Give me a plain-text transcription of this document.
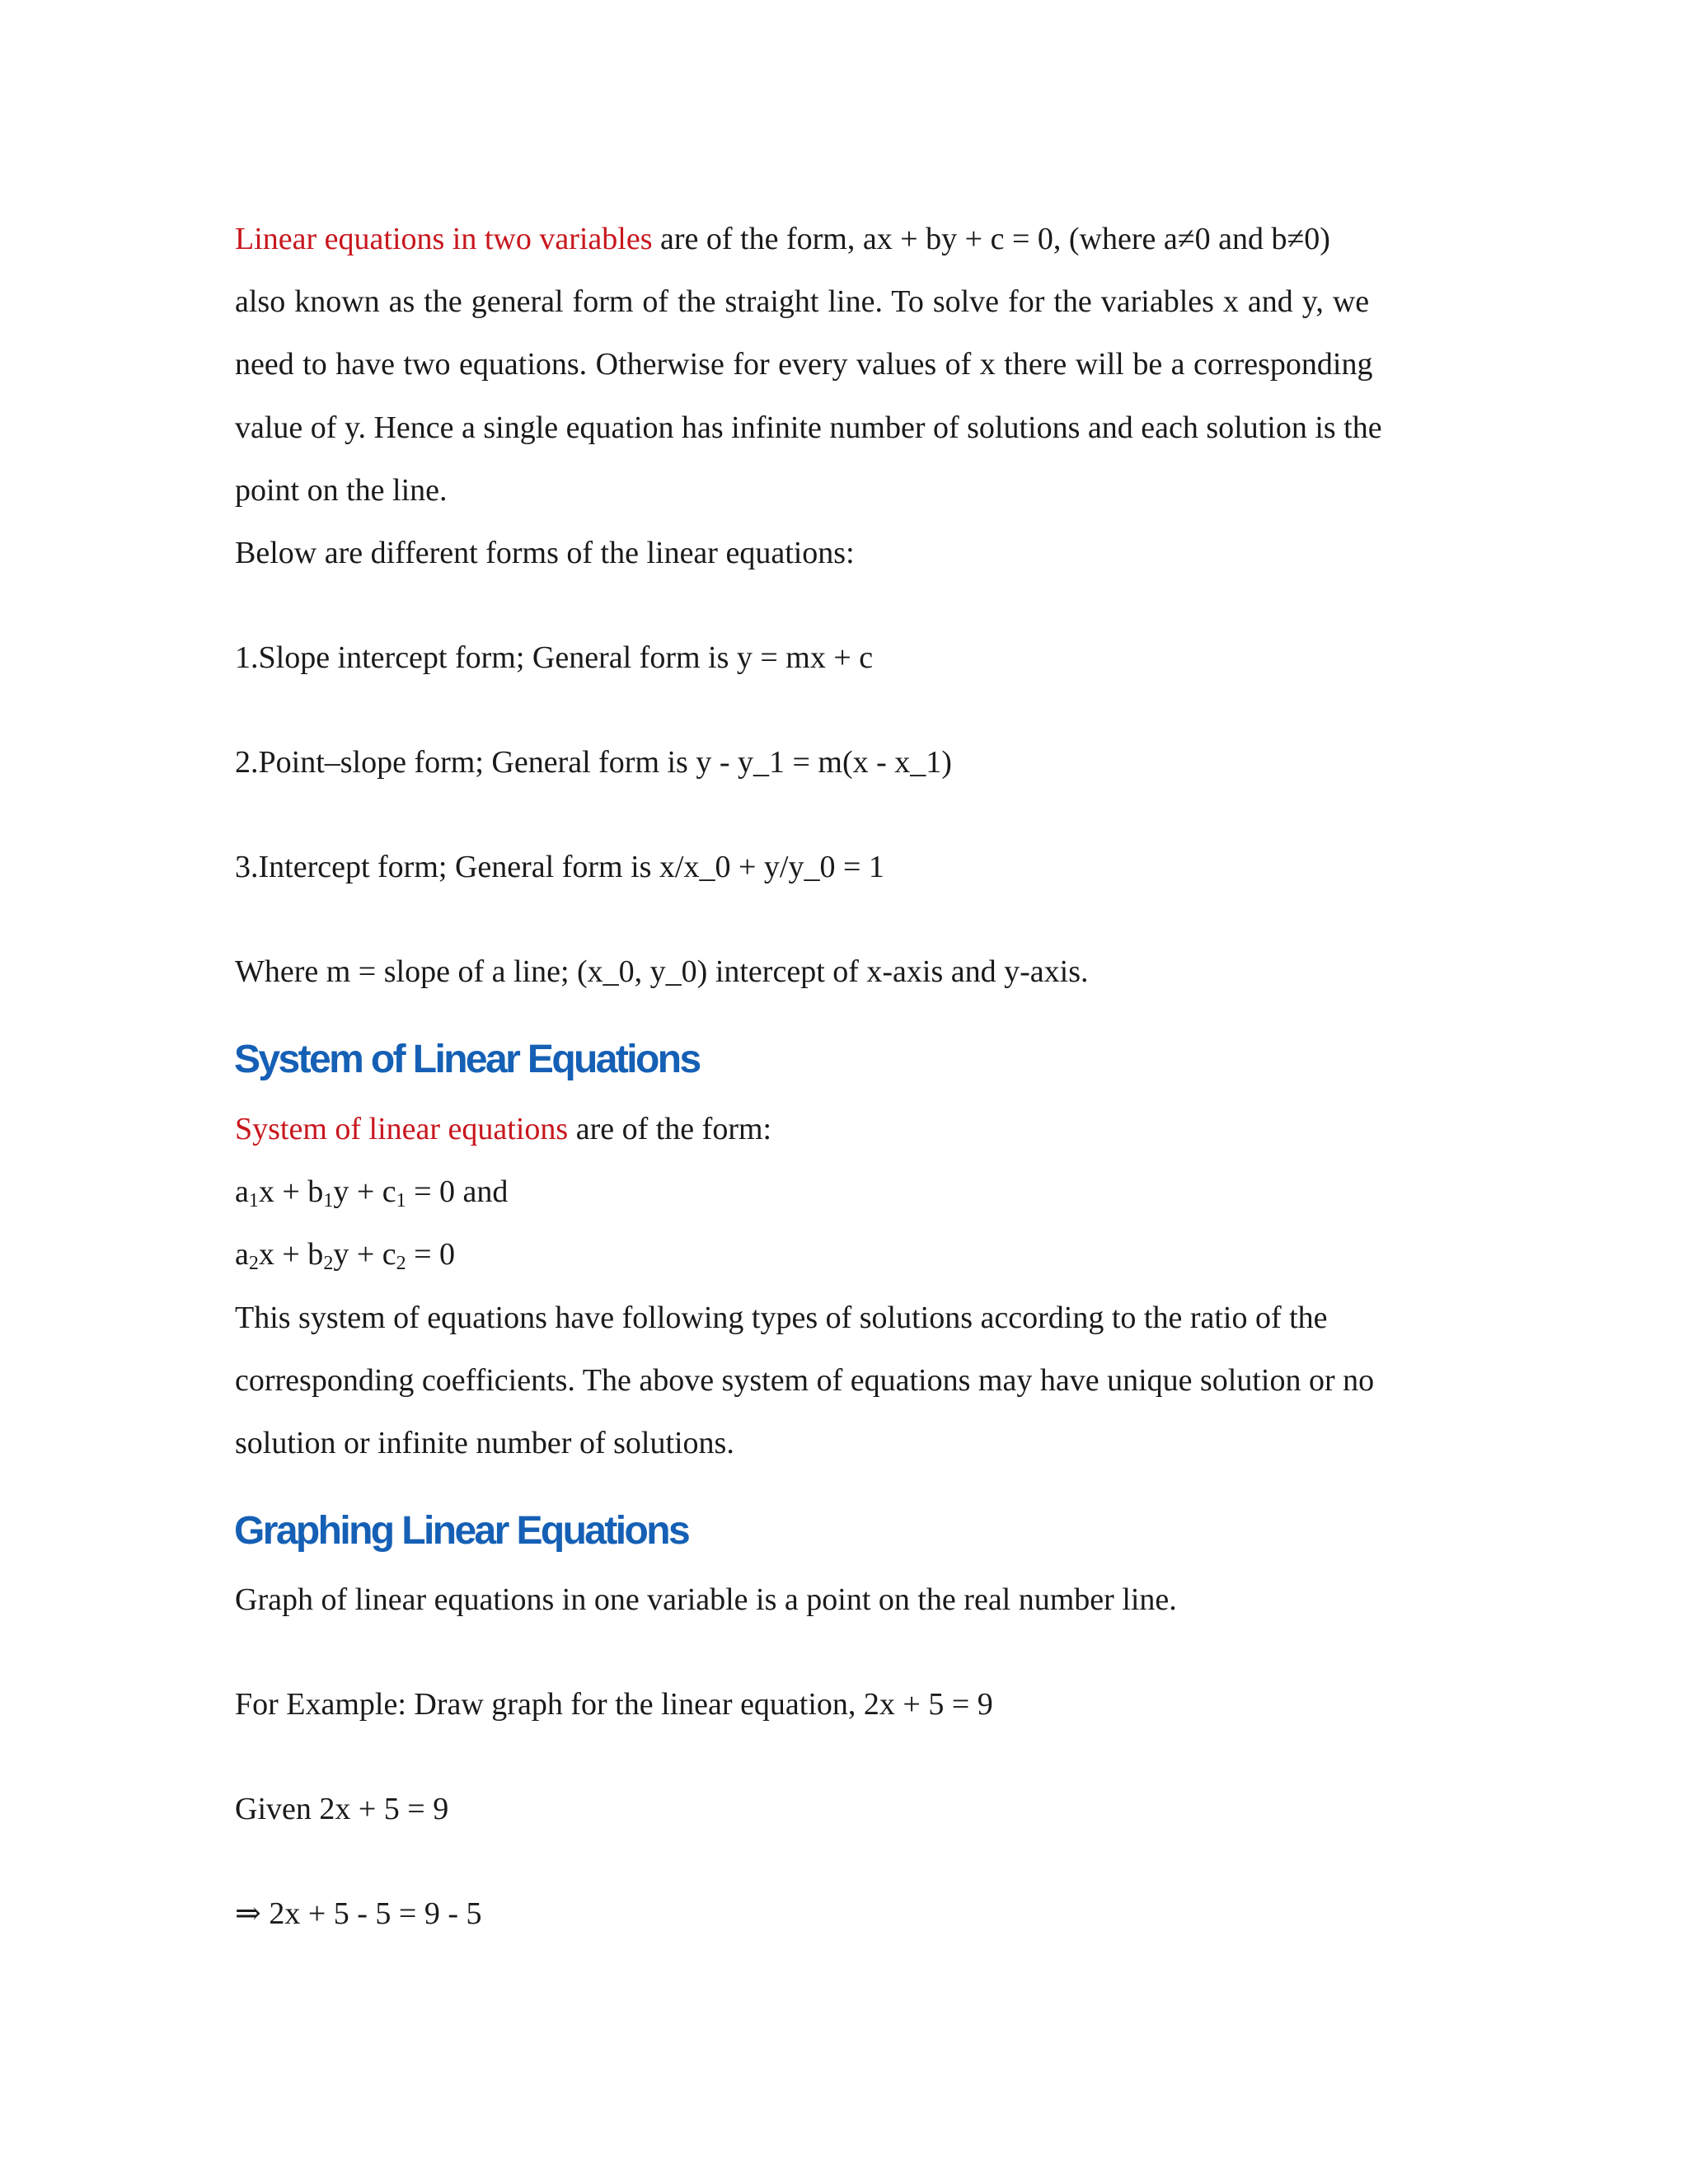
Linear equations in two variables are of the form, ax + by + c = 0, (where a≠0 and b≠0)
also known as the general form of the straight line. To solve for the variables x and y, we
need to have two equations. Otherwise for every values of x there will be a corresponding
value of y. Hence a single equation has infinite number of solutions and each solution is the
point on the line.
Below are different forms of the linear equations:
1.Slope intercept form; General form is y = mx + c
2.Point–slope form; General form is y - y_1 = m(x - x_1)
3.Intercept form; General form is x/x_0 + y/y_0 = 1
Where m = slope of a line; (x_0, y_0) intercept of x-axis and y-axis.
System of Linear Equations
System of linear equations are of the form:
$a_1x + b_1y + c_1 = 0$ and
$a_2x + b_2y + c_2 = 0$
This system of equations have following types of solutions according to the ratio of the
corresponding coefficients. The above system of equations may have unique solution or no
solution or infinite number of solutions.
Graphing Linear Equations
Graph of linear equations in one variable is a point on the real number line.
For Example: Draw graph for the linear equation, 2x + 5 = 9
Given 2x + 5 = 9
⇒ 2x + 5 - 5 = 9 - 5
